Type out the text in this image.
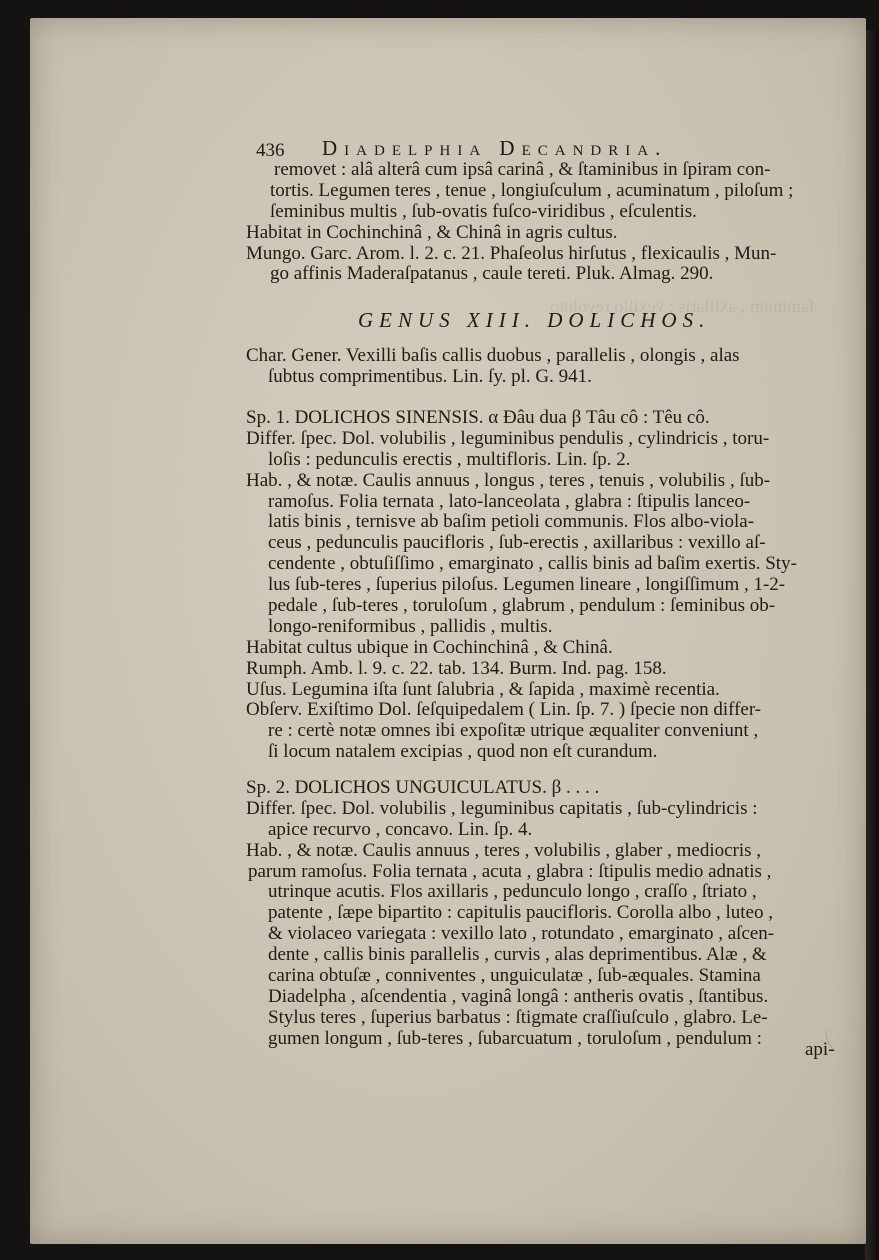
ſaminum , axillaris ; vexillo revoluto
436 Diadelphia Decandria.
removet : alâ alterâ cum ipsâ carinâ , & ſtaminibus in ſpiram con-
tortis. Legumen teres , tenue , longiuſculum , acuminatum , piloſum ;
ſeminibus multis , ſub-ovatis fuſco-viridibus , eſculentis.
Habitat in Cochinchinâ , & Chinâ in agris cultus.
Mungo. Garc. Arom. l. 2. c. 21. Phaſeolus hirſutus , flexicaulis , Mun-
go affinis Maderaſpatanus , caule tereti. Pluk. Almag. 290.
GENUS XIII. DOLICHOS.
Char. Gener. Vexilli baſis callis duobus , parallelis , olongis , alas
ſubtus comprimentibus. Lin. ſy. pl. G. 941.
Sp. 1. DOLICHOS SINENSIS. α Đâu dua β Tâu cô : Têu cô.
Differ. ſpec. Dol. volubilis , leguminibus pendulis , cylindricis , toru-
loſis : pedunculis erectis , multifloris. Lin. ſp. 2.
Hab. , & notæ. Caulis annuus , longus , teres , tenuis , volubilis , ſub-
ramoſus. Folia ternata , lato-lanceolata , glabra : ſtipulis lanceo-
latis binis , ternisve ab baſim petioli communis. Flos albo-viola-
ceus , pedunculis paucifloris , ſub-erectis , axillaribus : vexillo aſ-
cendente , obtuſiſſimo , emarginato , callis binis ad baſim exertis. Sty-
lus ſub-teres , ſuperius piloſus. Legumen lineare , longiſſimum , 1-2-
pedale , ſub-teres , toruloſum , glabrum , pendulum : ſeminibus ob-
longo-reniformibus , pallidis , multis.
Habitat cultus ubique in Cochinchinâ , & Chinâ.
Rumph. Amb. l. 9. c. 22. tab. 134. Burm. Ind. pag. 158.
Uſus. Legumina iſta ſunt ſalubria , & ſapida , maximè recentia.
Obſerv. Exiſtimo Dol. ſeſquipedalem ( Lin. ſp. 7. ) ſpecie non differ-
re : certè notæ omnes ibi expoſitæ utrique æqualiter conveniunt ,
ſi locum natalem excipias , quod non eſt curandum.
Sp. 2. DOLICHOS UNGUICULATUS. β . . . .
Differ. ſpec. Dol. volubilis , leguminibus capitatis , ſub-cylindricis :
apice recurvo , concavo. Lin. ſp. 4.
Hab. , & notæ. Caulis annuus , teres , volubilis , glaber , mediocris ,
parum ramoſus. Folia ternata , acuta , glabra : ſtipulis medio adnatis ,
utrinque acutis. Flos axillaris , pedunculo longo , craſſo , ſtriato ,
patente , ſæpe bipartito : capitulis paucifloris. Corolla albo , luteo ,
& violaceo variegata : vexillo lato , rotundato , emarginato , aſcen-
dente , callis binis parallelis , curvis , alas deprimentibus. Alæ , &
carina obtuſæ , conniventes , unguiculatæ , ſub-æquales. Stamina
Diadelpha , aſcendentia , vaginâ longâ : antheris ovatis , ſtantibus.
Stylus teres , ſuperius barbatus : ſtigmate craſſiuſculo , glabro. Le-
gumen longum , ſub-teres , ſubarcuatum , toruloſum , pendulum :
api-
